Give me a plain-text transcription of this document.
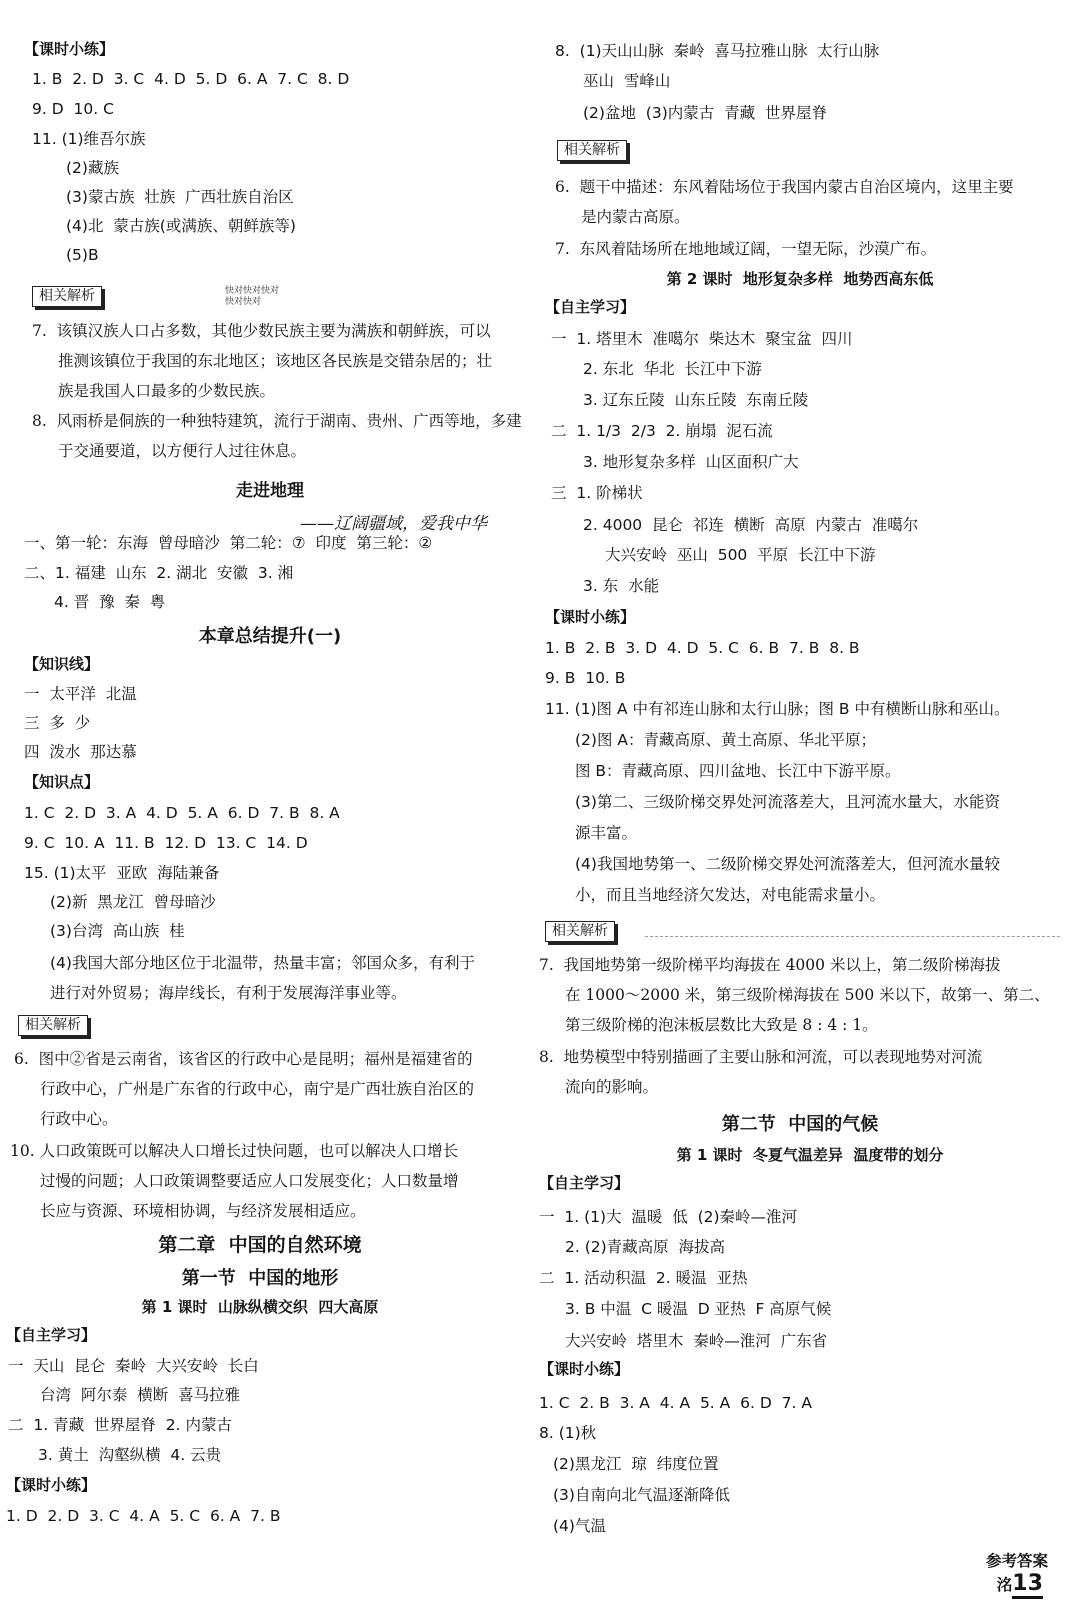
【课时小练】
1. B  2. D  3. C  4. D  5. D  6. A  7. C  8. D
9. D  10. C
11. (1)维吾尔族
(2)藏族
(3)蒙古族  壮族  广西壮族自治区
(4)北  蒙古族(或满族、朝鲜族等)
(5)B
相关解析	快对快对快对
快对快对
7.  该镇汉族人口占多数，其他少数民族主要为满族和朝鲜族，可以
推测该镇位于我国的东北地区；该地区各民族是交错杂居的；壮
族是我国人口最多的少数民族。
8.  风雨桥是侗族的一种独特建筑，流行于湖南、贵州、广西等地，多建
于交通要道，以方便行人过往休息。
走进地理
——辽阔疆域，爱我中华
一、第一轮：东海  曾母暗沙  第二轮：⑦  印度  第三轮：②
二、1. 福建  山东  2. 湖北  安徽  3. 湘
4. 晋  豫  秦  粤
本章总结提升(一)
【知识线】
一  太平洋  北温
三  多  少
四  泼水  那达慕
【知识点】
1. C  2. D  3. A  4. D  5. A  6. D  7. B  8. A
9. C  10. A  11. B  12. D  13. C  14. D
15. (1)太平  亚欧  海陆兼备
(2)新  黑龙江  曾母暗沙
(3)台湾  高山族  桂
(4)我国大部分地区位于北温带，热量丰富；邻国众多，有利于
进行对外贸易；海岸线长，有利于发展海洋事业等。
相关解析
6.  图中②省是云南省，该省区的行政中心是昆明；福州是福建省的
行政中心，广州是广东省的行政中心，南宁是广西壮族自治区的
行政中心。
10. 人口政策既可以解决人口增长过快问题，也可以解决人口增长
过慢的问题；人口政策调整要适应人口发展变化；人口数量增
长应与资源、环境相协调，与经济发展相适应。
第二章  中国的自然环境
第一节  中国的地形
第 1 课时  山脉纵横交织  四大高原
【自主学习】
一  天山  昆仑  秦岭  大兴安岭  长白
台湾  阿尔泰  横断  喜马拉雅
二  1. 青藏  世界屋脊  2. 内蒙古
3. 黄土  沟壑纵横  4. 云贵
【课时小练】
1. D  2. D  3. C  4. A  5. C  6. A  7. B
8.  (1)天山山脉  秦岭  喜马拉雅山脉  太行山脉
巫山  雪峰山
(2)盆地  (3)内蒙古  青藏  世界屋脊
相关解析
6.  题干中描述：东风着陆场位于我国内蒙古自治区境内，这里主要
是内蒙古高原。
7.  东风着陆场所在地地域辽阔，一望无际，沙漠广布。
第 2 课时  地形复杂多样  地势西高东低
【自主学习】
一  1. 塔里木  准噶尔  柴达木  聚宝盆  四川
2. 东北  华北  长江中下游
3. 辽东丘陵  山东丘陵  东南丘陵
二  1. 1/3  2/3  2. 崩塌  泥石流
3. 地形复杂多样  山区面积广大
三  1. 阶梯状
2. 4000  昆仑  祁连  横断  高原  内蒙古  准噶尔
大兴安岭  巫山  500  平原  长江中下游
3. 东  水能
【课时小练】
1. B  2. B  3. D  4. D  5. C  6. B  7. B  8. B
9. B  10. B
11. (1)图 A 中有祁连山脉和太行山脉；图 B 中有横断山脉和巫山。
(2)图 A：青藏高原、黄土高原、华北平原；
图 B：青藏高原、四川盆地、长江中下游平原。
(3)第二、三级阶梯交界处河流落差大，且河流水量大，水能资
源丰富。
(4)我国地势第一、二级阶梯交界处河流落差大，但河流水量较
小，而且当地经济欠发达，对电能需求量小。
相关解析
7.  我国地势第一级阶梯平均海拔在 4000 米以上，第二级阶梯海拔
在 1000～2000 米，第三级阶梯海拔在 500 米以下，故第一、第二、
第三级阶梯的泡沫板层数比大致是 8 : 4 : 1。
8.  地势模型中特别描画了主要山脉和河流，可以表现地势对河流
流向的影响。
第二节  中国的气候
第 1 课时  冬夏气温差异  温度带的划分
【自主学习】
一  1. (1)大  温暖  低  (2)秦岭—淮河
2. (2)青藏高原  海拔高
二  1. 活动积温  2. 暖温  亚热
3. B 中温  C 暖温  D 亚热  F 高原气候
大兴安岭  塔里木  秦岭—淮河  广东省
【课时小练】
1. C  2. B  3. A  4. A  5. A  6. D  7. A
8. (1)秋
(2)黑龙江  琼  纬度位置
(3)自南向北气温逐渐降低
(4)气温

参考答案
洺13
